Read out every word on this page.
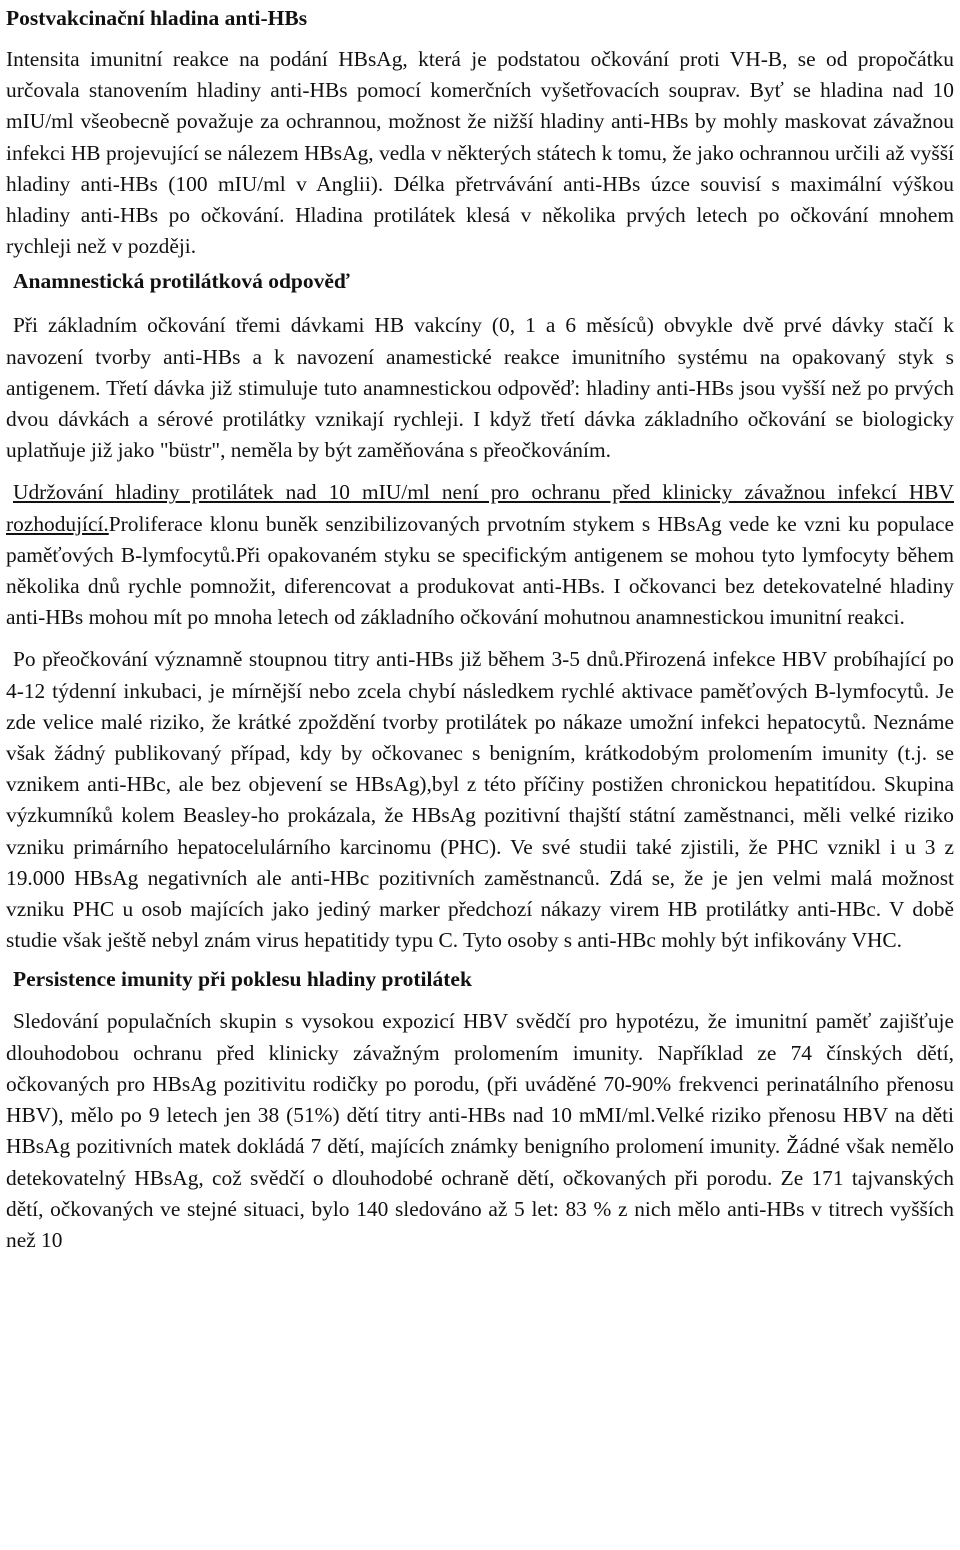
Postvakcinační hladina anti-HBs

Intensita imunitní reakce na podání HBsAg, která je podstatou očkování proti VH-B, se od propočátku určovala stanovením hladiny anti-HBs pomocí komerčních vyšetřovacích souprav. Byť se hladina nad 10 mIU/ml všeobecně považuje za ochrannou, možnost že nižší hladiny anti-HBs by mohly maskovat závažnou infekci HB projevující se nálezem HBsAg, vedla v některých státech k tomu, že jako ochrannou určili až vyšší hladiny anti-HBs (100 mIU/ml v Anglii). Délka přetrvávání anti-HBs úzce souvisí s maximální výškou hladiny anti-HBs po očkování. Hladina protilátek klesá v několika prvých letech po očkování mnohem rychleji než v později.

Anamnestická protilátková odpověď

Při základním očkování třemi dávkami HB vakcíny (0, 1 a 6 měsíců) obvykle dvě prvé dávky stačí k navození tvorby anti-HBs a k navození anamestické reakce imunitního systému na opakovaný styk s antigenem. Třetí dávka již stimuluje tuto anamnestickou odpověď: hladiny anti-HBs jsou vyšší než po prvých dvou dávkách a sérové protilátky vznikají rychleji. I když třetí dávka základního očkování se biologicky uplatňuje již jako "büstr", neměla by být zaměňována s přeočkováním.

Udržování hladiny protilátek nad 10 mIU/ml není pro ochranu před klinicky závažnou infekcí HBV rozhodující.Proliferace klonu buněk senzibilizovaných prvotním stykem s HBsAg vede ke vzni ku populace paměťových B-lymfocytů.Při opakovaném styku se specifickým antigenem se mohou tyto lymfocyty během několika dnů rychle pomnožit, diferencovat a produkovat anti-HBs. I očkovanci bez detekovatelné hladiny anti-HBs mohou mít po mnoha letech od základního očkování mohutnou anamnestickou imunitní reakci.

Po přeočkování významně stoupnou titry anti-HBs již během 3-5 dnů.Přirozená infekce HBV probíhající po 4-12 týdenní inkubaci, je mírnější nebo zcela chybí následkem rychlé aktivace paměťových B-lymfocytů. Je zde velice malé riziko, že krátké zpoždění tvorby protilátek po nákaze umožní infekci hepatocytů. Neznáme však žádný publikovaný případ, kdy by očkovanec s benigním, krátkodobým prolomením imunity (t.j. se vznikem anti-HBc, ale bez objevení se HBsAg),byl z této příčiny postižen chronickou hepatitídou. Skupina výzkumníků kolem Beasley-ho prokázala, že HBsAg pozitivní thajští státní zaměstnanci, měli velké riziko vzniku primárního hepatocelulárního karcinomu (PHC). Ve své studii také zjistili, že PHC vznikl i u 3 z 19.000 HBsAg negativních ale anti-HBc pozitivních zaměstnanců. Zdá se, že je jen velmi malá možnost vzniku PHC u osob majících jako jediný marker předchozí nákazy virem HB protilátky anti-HBc. V době studie však ještě nebyl znám virus hepatitidy typu C. Tyto osoby s anti-HBc mohly být infikovány VHC.

Persistence imunity při poklesu hladiny protilátek

Sledování populačních skupin s vysokou expozicí HBV svědčí pro hypotézu, že imunitní paměť zajišťuje dlouhodobou ochranu před klinicky závažným prolomením imunity. Například ze 74 čínských dětí, očkovaných pro HBsAg pozitivitu rodičky po porodu, (při uváděné 70-90% frekvenci perinatálního přenosu HBV), mělo po 9 letech jen 38 (51%) dětí titry anti-HBs nad 10 mMI/ml.Velké riziko přenosu HBV na děti HBsAg pozitivních matek dokládá 7 dětí, majících známky benigního prolomení imunity. Žádné však nemělo detekovatelný HBsAg, což svědčí o dlouhodobé ochraně dětí, očkovaných při porodu. Ze 171 tajvanských dětí, očkovaných ve stejné situaci, bylo 140 sledováno až 5 let: 83 % z nich mělo anti-HBs v titrech vyšších než 10
